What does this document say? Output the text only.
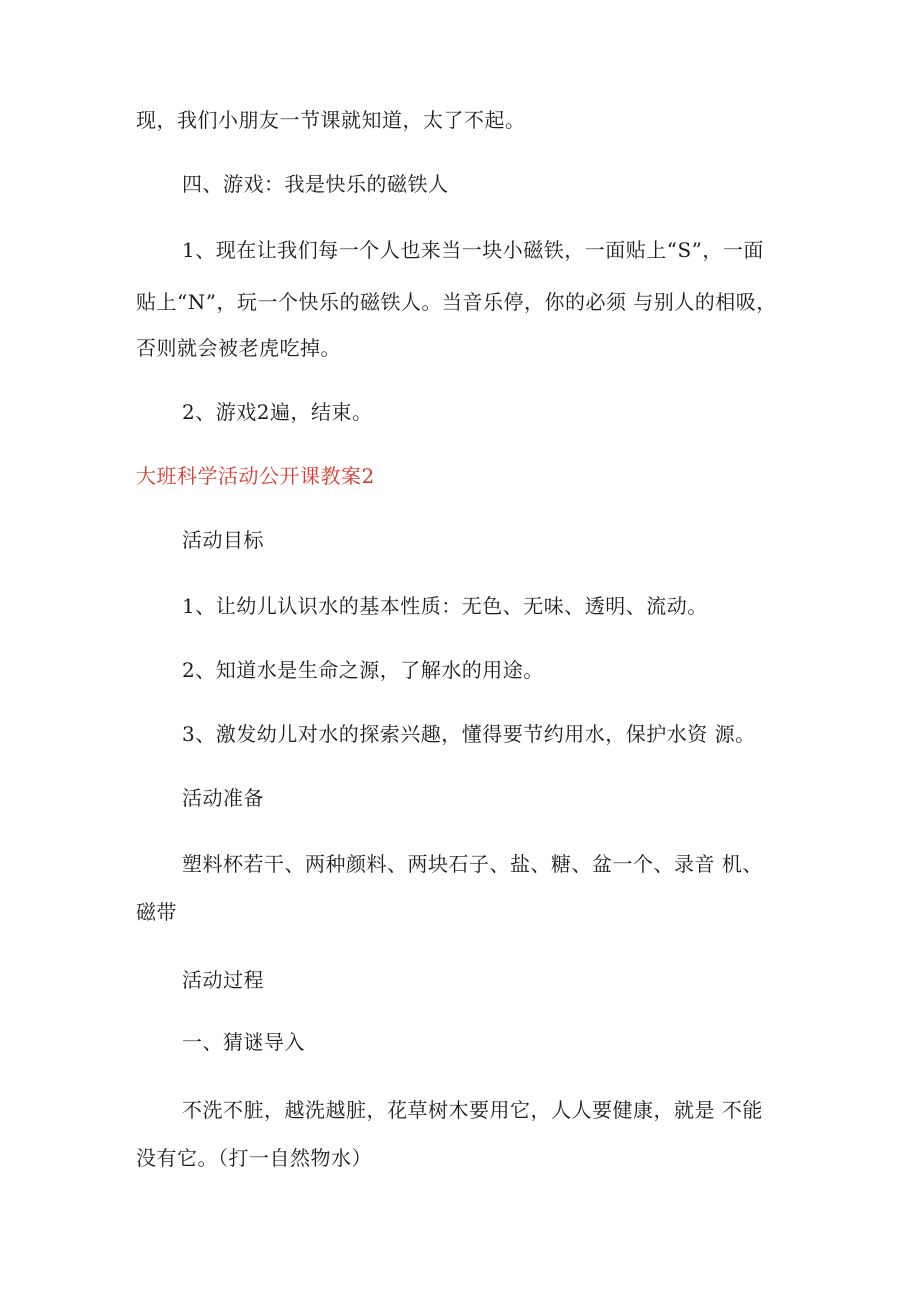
现，我们小朋友一节课就知道，太了不起。
四、游戏：我是快乐的磁铁人
1、现在让我们每一个人也来当一块小磁铁，一面贴上“S”，一面
贴上“N”，玩一个快乐的磁铁人。当音乐停，你的必须 与别人的相吸，
否则就会被老虎吃掉。
2、游戏2遍，结束。
大班科学活动公开课教案2
活动目标
1、让幼儿认识水的基本性质：无色、无味、透明、流动。
2、知道水是生命之源，了解水的用途。
3、激发幼儿对水的探索兴趣，懂得要节约用水，保护水资 源。
活动准备
塑料杯若干、两种颜料、两块石子、盐、糖、盆一个、录音 机、
磁带
活动过程
一、猜谜导入
不洗不脏，越洗越脏，花草树木要用它，人人要健康，就是 不能
没有它。（打一自然物水）
